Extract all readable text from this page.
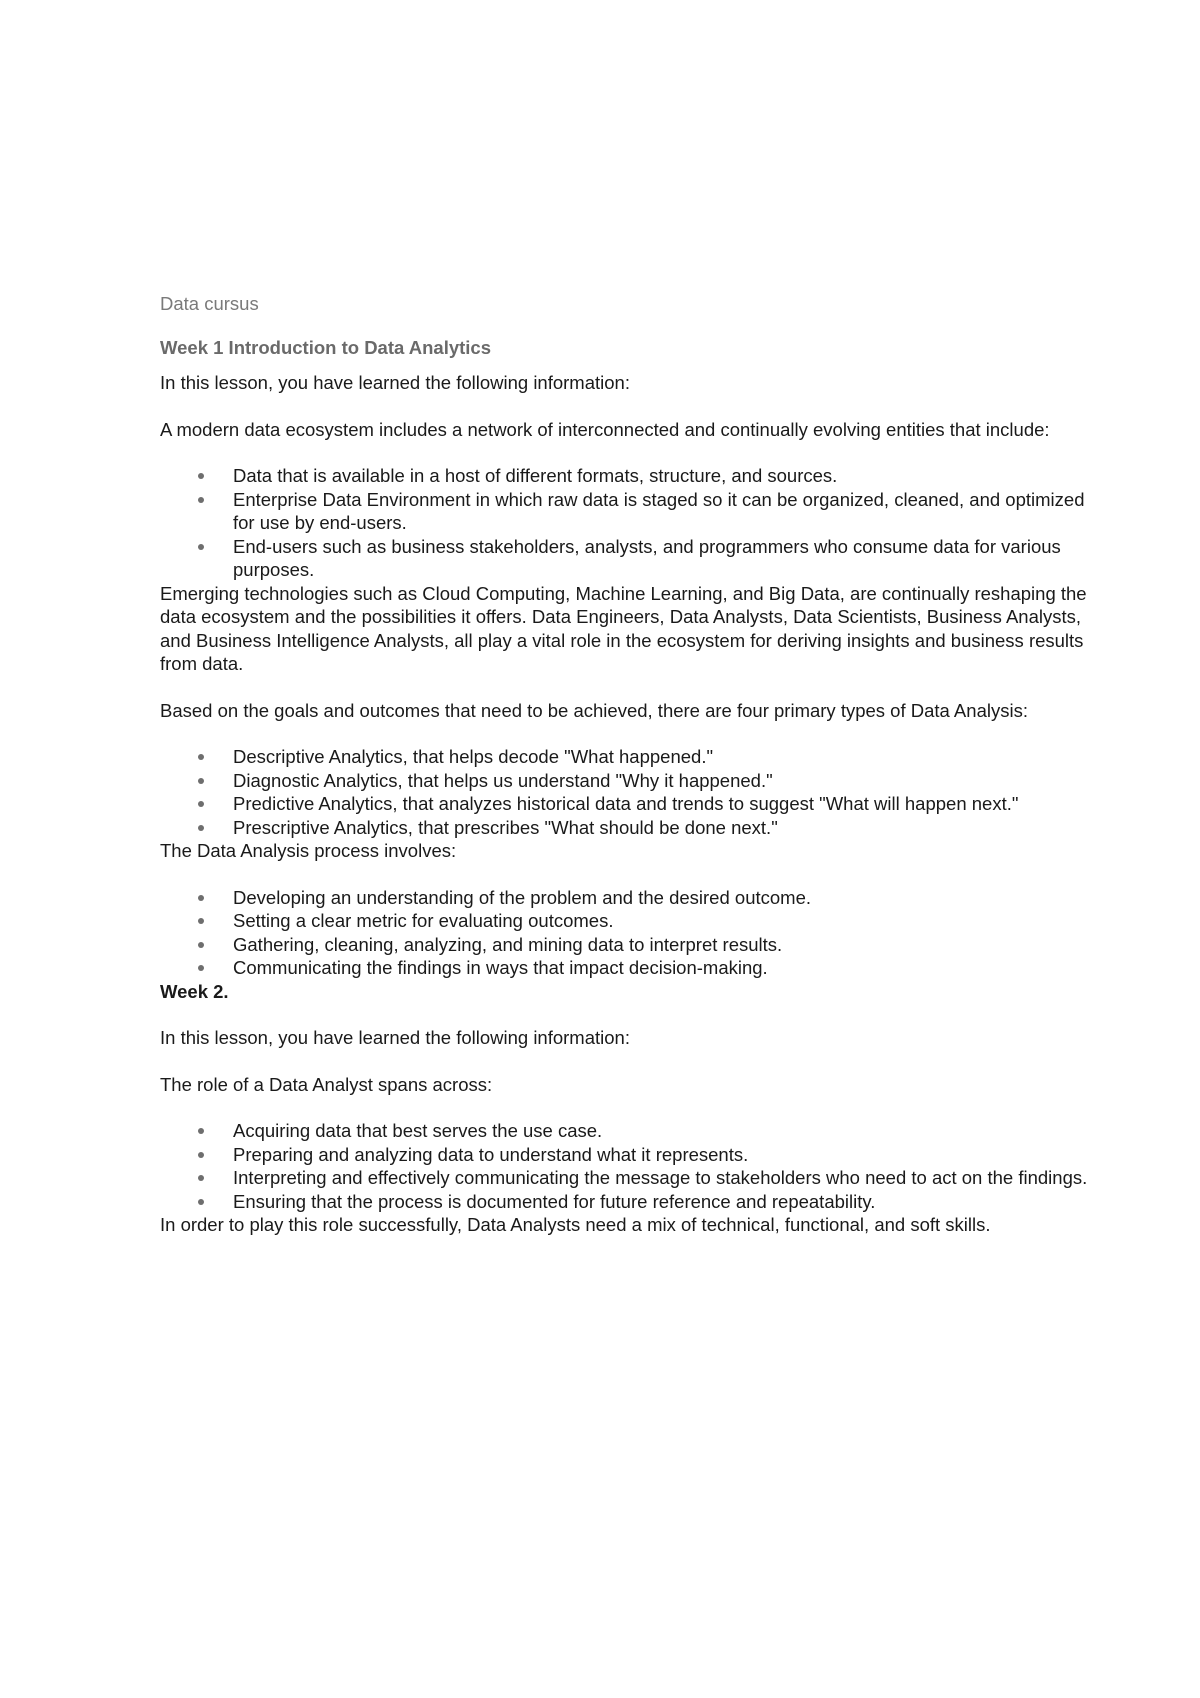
Data cursus

Week 1 Introduction to Data Analytics

In this lesson, you have learned the following information:

A modern data ecosystem includes a network of interconnected and continually evolving entities that include:

Data that is available in a host of different formats, structure, and sources.
Enterprise Data Environment in which raw data is staged so it can be organized, cleaned, and optimized for use by end-users.
End-users such as business stakeholders, analysts, and programmers who consume data for various purposes.

Emerging technologies such as Cloud Computing, Machine Learning, and Big Data, are continually reshaping the data ecosystem and the possibilities it offers. Data Engineers, Data Analysts, Data Scientists, Business Analysts, and Business Intelligence Analysts, all play a vital role in the ecosystem for deriving insights and business results from data.

Based on the goals and outcomes that need to be achieved, there are four primary types of Data Analysis:

Descriptive Analytics, that helps decode "What happened."
Diagnostic Analytics, that helps us understand "Why it happened."
Predictive Analytics, that analyzes historical data and trends to suggest "What will happen next."
Prescriptive Analytics, that prescribes "What should be done next."

The Data Analysis process involves:

Developing an understanding of the problem and the desired outcome.
Setting a clear metric for evaluating outcomes.
Gathering, cleaning, analyzing, and mining data to interpret results.
Communicating the findings in ways that impact decision-making.

Week 2.

In this lesson, you have learned the following information:

The role of a Data Analyst spans across:

Acquiring data that best serves the use case.
Preparing and analyzing data to understand what it represents.
Interpreting and effectively communicating the message to stakeholders who need to act on the findings.
Ensuring that the process is documented for future reference and repeatability.

In order to play this role successfully, Data Analysts need a mix of technical, functional, and soft skills.
